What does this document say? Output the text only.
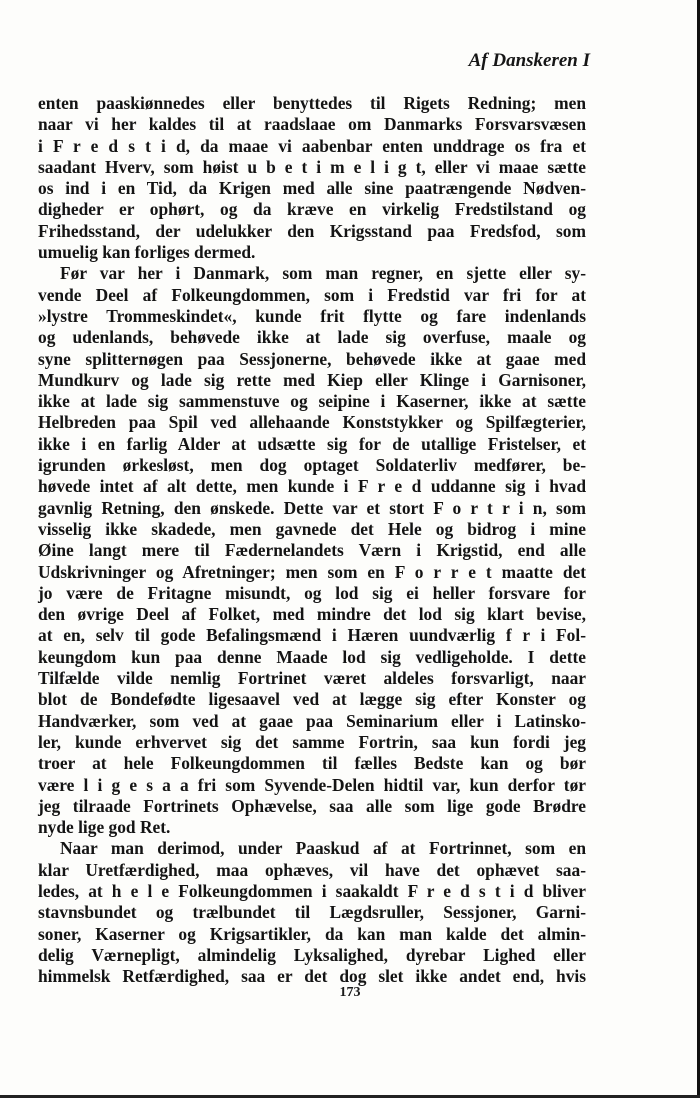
Af Danskeren I
enten paaskiønnedes eller benyttedes til Rigets Redning; men
naar vi her kaldes til at raadslaae om Danmarks Forsvarsvæsen
i F r e d s t i d, da maae vi aabenbar enten unddrage os fra et
saadant Hverv, som høist u b e t i m e l i g t, eller vi maae sætte
os ind i en Tid, da Krigen med alle sine paatrængende Nødven-
digheder er ophørt, og da kræve en virkelig Fredstilstand og
Frihedsstand, der udelukker den Krigsstand paa Fredsfod, som
umuelig kan forliges dermed.
Før var her i Danmark, som man regner, en sjette eller sy-
vende Deel af Folkeungdommen, som i Fredstid var fri for at
»lystre Trommeskindet«, kunde frit flytte og fare indenlands
og udenlands, behøvede ikke at lade sig overfuse, maale og
syne splitternøgen paa Sessjonerne, behøvede ikke at gaae med
Mundkurv og lade sig rette med Kiep eller Klinge i Garnisoner,
ikke at lade sig sammenstuve og seipine i Kaserner, ikke at sætte
Helbreden paa Spil ved allehaande Konststykker og Spilfægterier,
ikke i en farlig Alder at udsætte sig for de utallige Fristelser, et
igrunden ørkesløst, men dog optaget Soldaterliv medfører, be-
høvede intet af alt dette, men kunde i F r e d uddanne sig i hvad
gavnlig Retning, den ønskede. Dette var et stort F o r t r i n, som
visselig ikke skadede, men gavnede det Hele og bidrog i mine
Øine langt mere til Fædernelandets Værn i Krigstid, end alle
Udskrivninger og Afretninger; men som en F o r r e t maatte det
jo være de Fritagne misundt, og lod sig ei heller forsvare for
den øvrige Deel af Folket, med mindre det lod sig klart bevise,
at en, selv til gode Befalingsmænd i Hæren uundværlig f r i Fol-
keungdom kun paa denne Maade lod sig vedligeholde. I dette
Tilfælde vilde nemlig Fortrinet været aldeles forsvarligt, naar
blot de Bondefødte ligesaavel ved at lægge sig efter Konster og
Handværker, som ved at gaae paa Seminarium eller i Latinsko-
ler, kunde erhvervet sig det samme Fortrin, saa kun fordi jeg
troer at hele Folkeungdommen til fælles Bedste kan og bør
være l i g e s a a fri som Syvende-Delen hidtil var, kun derfor tør
jeg tilraade Fortrinets Ophævelse, saa alle som lige gode Brødre
nyde lige god Ret.
Naar man derimod, under Paaskud af at Fortrinnet, som en
klar Uretfærdighed, maa ophæves, vil have det ophævet saa-
ledes, at h e l e Folkeungdommen i saakaldt F r e d s t i d bliver
stavnsbundet og trælbundet til Lægdsruller, Sessjoner, Garni-
soner, Kaserner og Krigsartikler, da kan man kalde det almin-
delig Værnepligt, almindelig Lyksalighed, dyrebar Lighed eller
himmelsk Retfærdighed, saa er det dog slet ikke andet end, hvis
173
